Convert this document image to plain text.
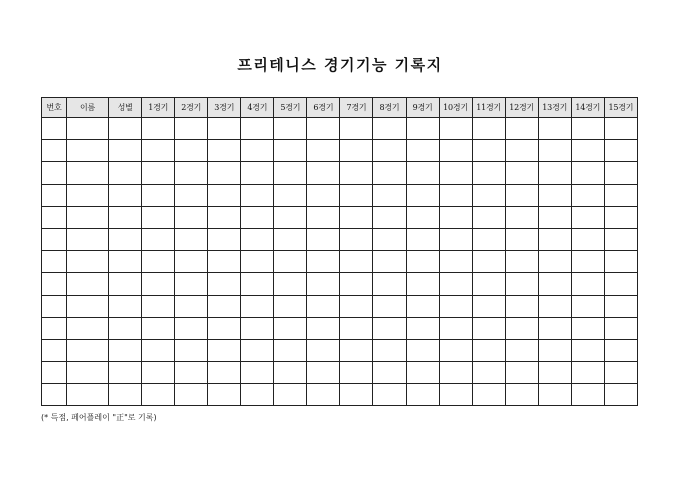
프리테니스 경기기능 기록지
번호	이름	성별	1경기	2경기	3경기	4경기	5경기	6경기	7경기	8경기	9경기	10경기	11경기	12경기	13경기	14경기	15경기

(* 득점, 페어플레이 "正"로 기록)
